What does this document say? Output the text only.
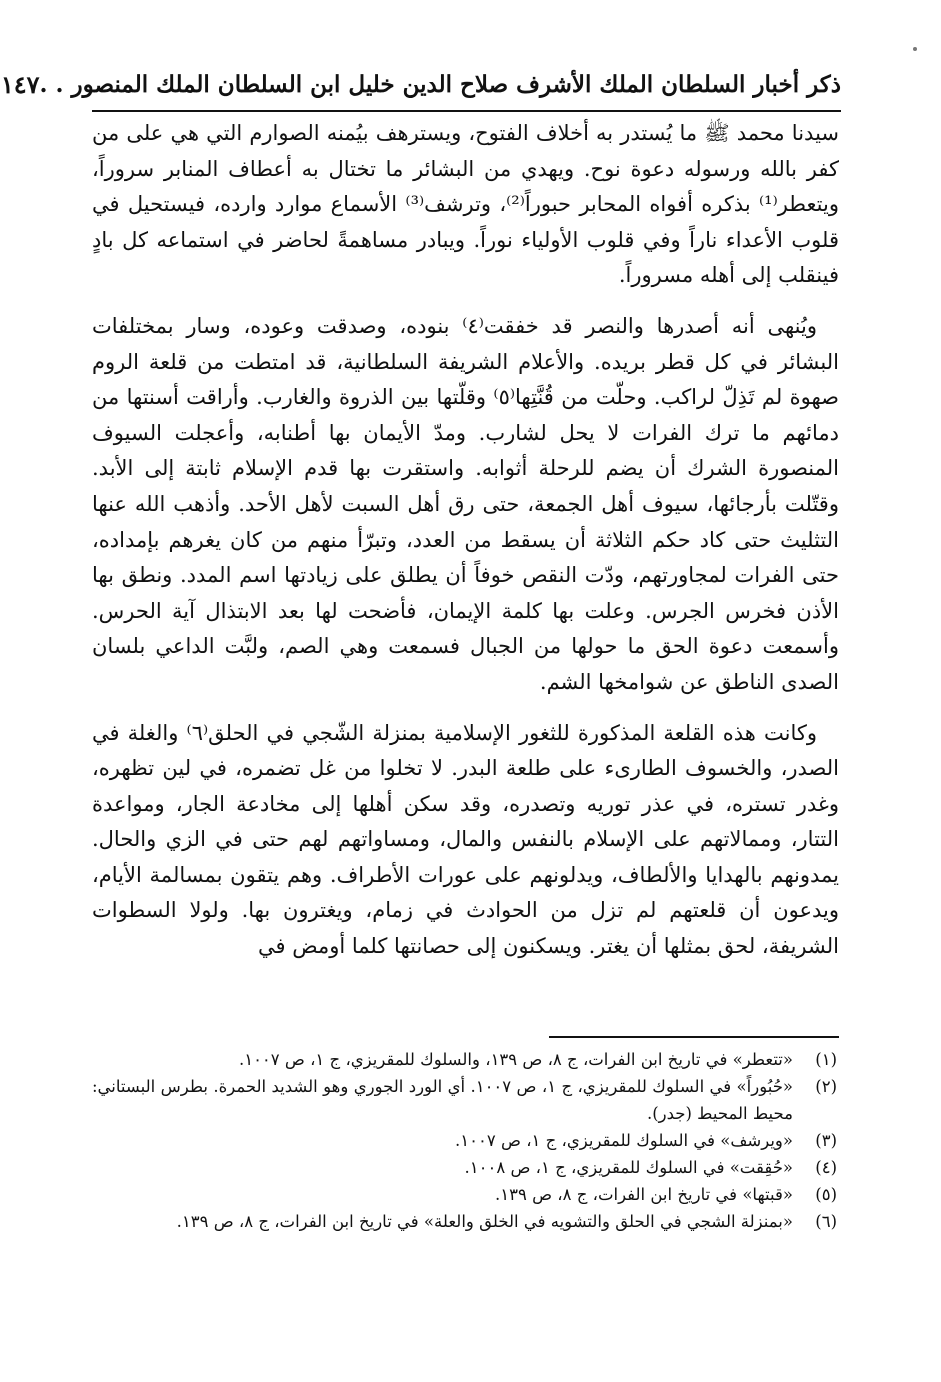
ذكر أخبار السلطان الملك الأشرف صلاح الدين خليل ابن السلطان الملك المنصور . .
١٤٧

سيدنا محمد ﷺ ما يُستدر به أخلاف الفتوح، ويسترهف بيُمنه الصوارم التي هي على من كفر بالله ورسوله دعوة نوح. ويهدي من البشائر ما تختال به أعطاف المنابر سروراً، ويتعطر⁽¹⁾ بذكره أفواه المحابر حبوراً⁽²⁾، وترشف⁽³⁾ الأسماع موارد وارده، فيستحيل في قلوب الأعداء ناراً وفي قلوب الأولياء نوراً. ويبادر مساهمةً لحاضر في استماعه كل بادٍ فينقلب إلى أهله مسروراً.

ويُنهى أنه أصدرها والنصر قد خفقت⁽٤⁾ بنوده، وصدقت وعوده، وسار بمختلفات البشائر في كل قطر بريده. والأعلام الشريفة السلطانية، قد امتطت من قلعة الروم صهوة لم تَذِلّ لراكب. وحلّت من قُنَّتِها⁽٥⁾ وقلّتها بين الذروة والغارب. وأراقت أسنتها من دمائهم ما ترك الفرات لا يحل لشارب. ومدّ الأيمان بها أطنابه، وأعجلت السيوف المنصورة الشرك أن يضم للرحلة أثوابه. واستقرت بها قدم الإسلام ثابتة إلى الأبد. وقتّلت بأرجائها، سيوف أهل الجمعة، حتى رق أهل السبت لأهل الأحد. وأذهب الله عنها التثليث حتى كاد حكم الثلاثة أن يسقط من العدد، وتبرّأ منهم من كان يغرهم بإمداده، حتى الفرات لمجاورتهم، ودّت النقص خوفاً أن يطلق على زيادتها اسم المدد. ونطق بها الأذن فخرس الجرس. وعلت بها كلمة الإيمان، فأضحت لها بعد الابتذال آية الحرس. وأسمعت دعوة الحق ما حولها من الجبال فسمعت وهي الصم، ولبَّت الداعي بلسان الصدى الناطق عن شوامخها الشم.

وكانت هذه القلعة المذكورة للثغور الإسلامية بمنزلة الشّجي في الحلق⁽٦⁾ والغلة في الصدر، والخسوف الطارىء على طلعة البدر. لا تخلوا من غل تضمره، في لين تظهره، وغدر تستره، في عذر توريه وتصدره، وقد سكن أهلها إلى مخادعة الجار، ومواعدة التتار، وممالاتهم على الإسلام بالنفس والمال، ومساواتهم لهم حتى في الزي والحال. يمدونهم بالهدايا والألطاف، ويدلونهم على عورات الأطراف. وهم يتقون بمسالمة الأيام، ويدعون أن قلعتهم لم تزل من الحوادث في زمام، ويغترون بها. ولولا السطوات الشريفة، لحق بمثلها أن يغتر. ويسكنون إلى حصانتها كلما أومض في

(١)
«تتعطر» في تاريخ ابن الفرات، ج ٨، ص ١٣٩، والسلوك للمقريزي، ج ١، ص ١٠٠٧.
(٢)
«حُبُوراً» في السلوك للمقريزي، ج ١، ص ١٠٠٧. أي الورد الجوري وهو الشديد الحمرة. بطرس البستاني: محيط المحيط (جدر).
(٣)
«ويرشف» في السلوك للمقريزي، ج ١، ص ١٠٠٧.
(٤)
«حُقِقت» في السلوك للمقريزي، ج ١، ص ١٠٠٨.
(٥)
«قبتها» في تاريخ ابن الفرات، ج ٨، ص ١٣٩.
(٦)
«بمنزلة الشجي في الحلق والتشويه في الخلق والعلة» في تاريخ ابن الفرات، ج ٨، ص ١٣٩.
